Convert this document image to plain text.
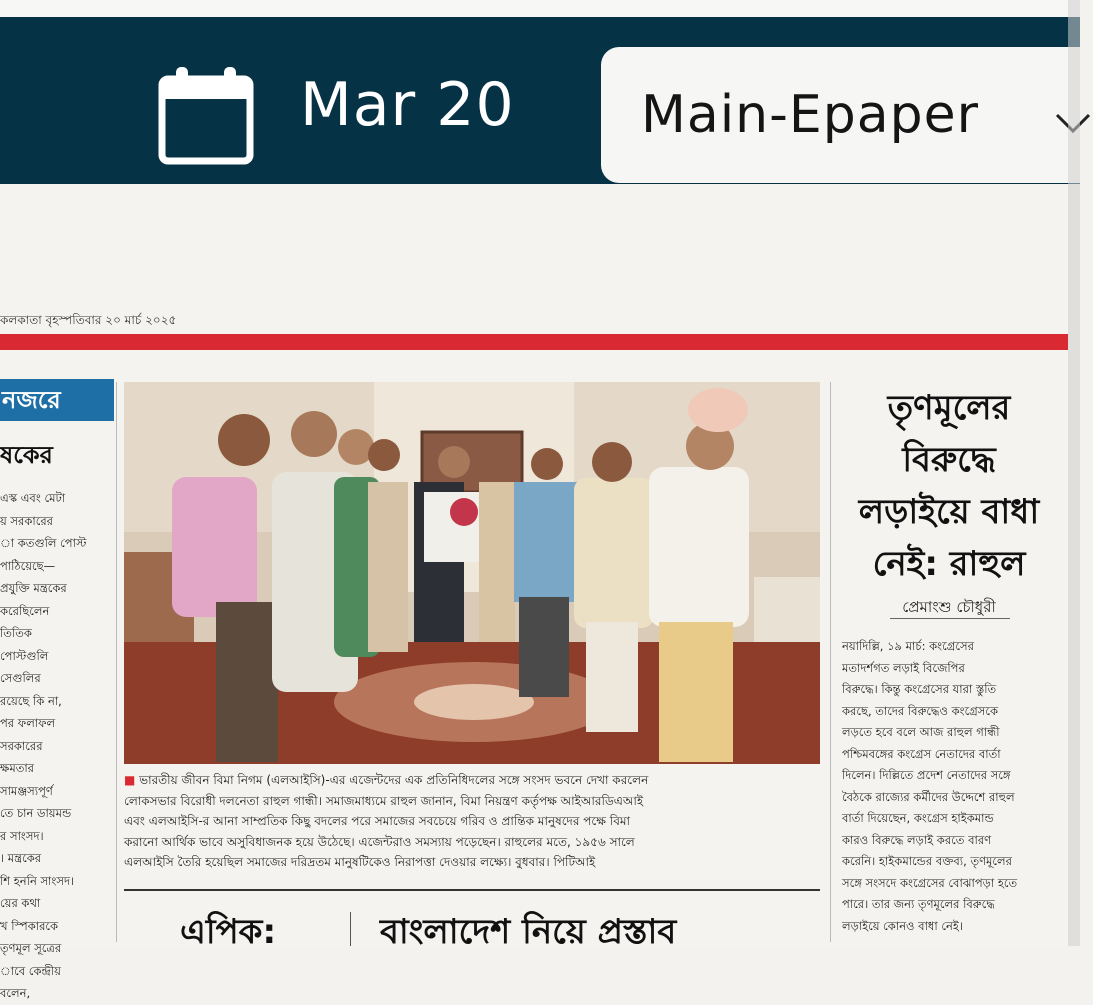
Mar 20 Main-Epaper
কলকাতা বৃহস্পতিবার ২০ মার্চ ২০২৫
নজরে
ষকের
এস্ক এবং মেটা
য় সরকারের
া কতগুলি পোস্ট
পাঠিয়েছে—
প্রযুক্তি মন্ত্রকের
করেছিলেন
তিতিক
পোস্টগুলি
সেগুলির
রয়েছে কি না,
পর ফলাফল
সরকারের
ক্ষমতার
সামঞ্জস্যপূর্ণ
তে চান ডায়মন্ড
র সাংসদ।
। মন্ত্রকের
শি হননি সাংসদ।
য়ের কথা
খ স্পিকারকে
তৃণমূল সূত্রের
াবে কেন্দ্রীয়
বলেন,
■ ভারতীয় জীবন বিমা নিগম (এলআইসি)-এর এজেন্টদের এক প্রতিনিধিদলের সঙ্গে সংসদ ভবনে দেখা করলেন
লোকসভার বিরোধী দলনেতা রাহুল গান্ধী। সমাজমাধ্যমে রাহুল জানান, বিমা নিয়ন্ত্রণ কর্তৃপক্ষ আইআরডিএআই
এবং এলআইসি-র আনা সাম্প্রতিক কিছু বদলের পরে সমাজের সবচেয়ে গরিব ও প্রান্তিক মানুষদের পক্ষে বিমা
করানো আর্থিক ভাবে অসুবিধাজনক হয়ে উঠেছে। এজেন্টরাও সমস্যায় পড়েছেন। রাহুলের মতে, ১৯৫৬ সালে
এলআইসি তৈরি হয়েছিল সমাজের দরিদ্রতম মানুষটিকেও নিরাপত্তা দেওয়ার লক্ষ্যে। বুধবার। পিটিআই
এপিক:	বাংলাদেশ নিয়ে প্রস্তাব
তৃণমূলের
বিরুদ্ধে
লড়াইয়ে বাধা
নেই: রাহুল
প্রেমাংশু চৌধুরী
নয়াদিল্লি, ১৯ মার্চ: কংগ্রেসের
মতাদর্শগত লড়াই বিজেপির
বিরুদ্ধে। কিন্তু কংগ্রেসের যারা স্তুতি
করছে, তাদের বিরুদ্ধেও কংগ্রেসকে
লড়তে হবে বলে আজ রাহুল গান্ধী
পশ্চিমবঙ্গের কংগ্রেস নেতাদের বার্তা
দিলেন। দিল্লিতে প্রদেশ নেতাদের সঙ্গে
বৈঠকে রাজ্যের কর্মীদের উদ্দেশে রাহুল
বার্তা দিয়েছেন, কংগ্রেস হাইকমান্ড
কারও বিরুদ্ধে লড়াই করতে বারণ
করেনি। হাইকমান্ডের বক্তব্য, তৃণমূলের
সঙ্গে সংসদে কংগ্রেসের বোঝাপড়া হতে
পারে। তার জন্য তৃণমূলের বিরুদ্ধে
লড়াইয়ে কোনও বাধা নেই।
